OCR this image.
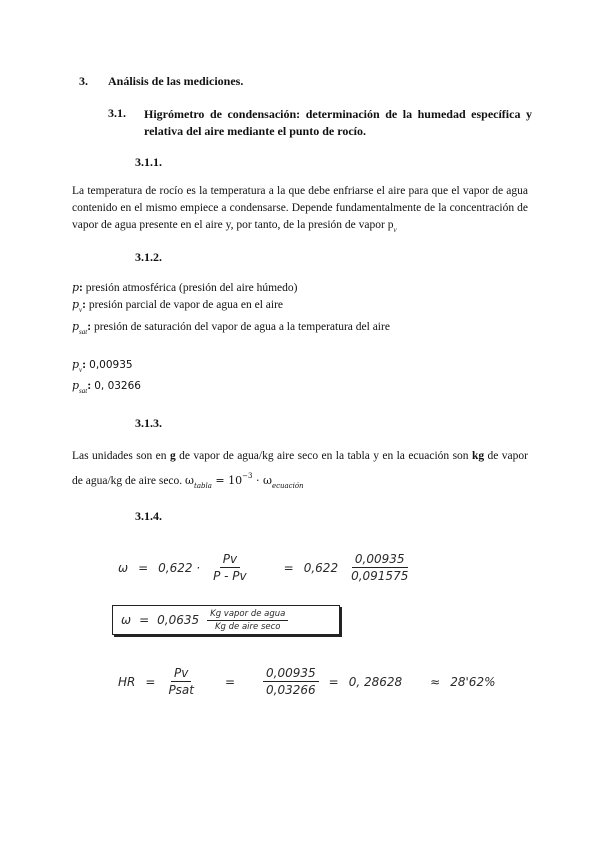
3. Análisis de las mediciones.
3.1. Higrómetro de condensación: determinación de la humedad específica y relativa del aire mediante el punto de rocío.
3.1.1.
La temperatura de rocío es la temperatura a la que debe enfriarse el aire para que el vapor de agua contenido en el mismo empiece a condensarse. Depende fundamentalmente de la concentración de vapor de agua presente en el aire y, por tanto, de la presión de vapor $p_v$
3.1.2.
p: presión atmosférica (presión del aire húmedo)
$p_v$: presión parcial de vapor de agua en el aire
$p_{sat}$: presión de saturación del vapor de agua a la temperatura del aire
$p_v$: 0,00935
$p_{sat}$: 0, 03266
3.1.3.
Las unidades son en g de vapor de agua/kg aire seco en la tabla y en la ecuación son kg de vapor de agua/kg de aire seco. $\omega_{tabla} = 10^{-3} \cdot \omega_{ecuación}$
3.1.4.
$\omega = 0,622 \cdot \frac{Pv}{P - Pv}$	= $0,622 \frac{0,00935}{0,091575}$
$\omega = 0,0635 \frac{\text{Kg vapor de agua}}{\text{Kg de aire seco}}$
HR = $\frac{Pv}{\text{Psat}} = \frac{0,00935}{0,03266} = 0$, 28628 ≈ 28'62%
